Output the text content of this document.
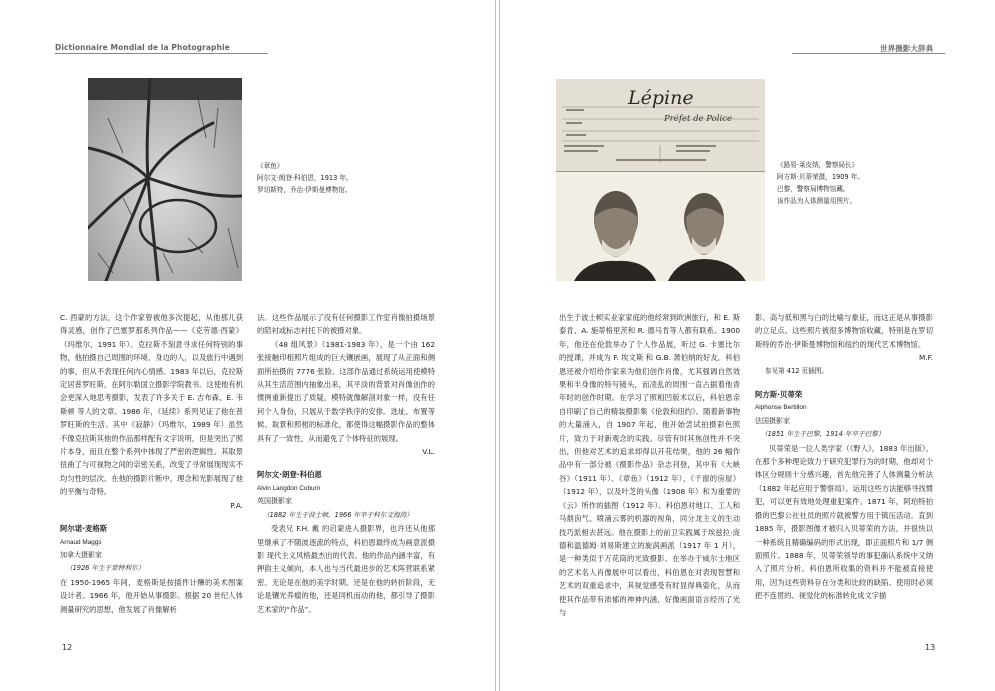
Dictionnaire Mondial de la Photographie
《章鱼》
阿尔文·朗登·科伯恩，1913 年。
罗切斯特，乔治·伊斯曼博物馆。

C. 西蒙的方法，这个作家曾被他多次提起，从他那儿获得灵感，创作了巴塞罗那系列作品——《克劳德·西蒙》（玛维尔，1991 年）。克拉斯不刻意寻求任何特别的事物，他拍摄自己周围的环境、身边的人，以及旅行中遇到的事，但从不表现任何内心情感。1983 年以后，克拉斯定居普罗旺斯，在阿尔勒国立摄影学院教书。这使他有机会更深入地思考摄影，发表了许多关于 E. 吉布森、E. 韦斯顿 等人的文章。1986 年，《延续》系列见证了他在普罗旺斯的生活。其中《寂静》（玛维尔，1989 年）虽然不像克拉斯其他的作品那样配有文字说明，但是突出了照片本身，而且在整个系列中体现了严密的逻辑性。其取景扭曲了与可视物之间的亲密关系，改变了寻常展现现实不均匀性的层次。在他的摄影片断中，理念和光影展现了他的平衡与奇特。

P.A.
阿尔诺·麦格斯
Arnaud Maggs
加拿大摄影家
（1926 年生于蒙特利尔）

在 1950-1965 年间，麦格斯是按插件计酬的美术图案设计者。1966 年，他开始从事摄影。根据 20 世纪人体测量研究的思想，他发展了肖像解析

法。这些作品展示了没有任何摄影工作室肖像拍摄场景的陪衬或标志衬托下的被摄对象。

《48 组风景》（1981-1983 年），是一个由 162 张接触印相照片组成的巨大镶嵌画，展现了从正面和侧面所拍摄的 7776 张脸。这部作品通过系统运用使模特从其生活范围内抽象出来，其平淡的背景对肖像创作的惯例重新提出了质疑，模特就像解剖对象一样，没有任何个人身份，只展从于数学秩序的安排。选址、布置等候、取景和照相的标准化，都使得这幅摄影作品的整体具有了一致性，从而避免了个体特征的展现。

V.L.
阿尔文·朗登·科伯恩
Alvin Langdon Coburn
英国摄影家
（1882 年生于波士顿，1966 年卒于科尔文海湾）

受表兄 F.H. 戴 的启蒙进入摄影界，也许还从他那里继承了不随波逐流的特点，科伯恩最终成为画意派摄影 现代主义风格最杰出的代表。他的作品内涵丰富，有押韵主义倾向，本人也与当代最进步的艺术阵营联系紧密。无论是在他的美学时期，还是在他的转折阶段，无论是镶光养瘤的他，还是同机而动的他，都引导了摄影艺术家的“作品”。

12
世界摄影大辞典
Lépine
Préfet de Police
《路易·莱皮纳，警察局长》
阿方斯·贝蒂荣摄，1909 年。
巴黎，警察局博物馆藏。
该作品为人体测量用图片。

出生于波士顿实业家家庭的他经常到欧洲旅行，和 E. 斯泰肯、A. 施蒂格里茨和 R. 德马肯等人都有联系。1900 年，他还在伦敦举办了个人作品展，听过 G. 卡塞比尔 的授课，并成为 F. 埃文斯 和 G.B. 萧伯纳的好友。科伯恩还被介绍给作家来为他们创作肖像，尤其强调自然效果和半身像的特写镜头，而凌乱的周围一直占据着他青年时的创作时期。在学习了照相凹版术以后，科伯恩亲自印刷了自己的精装摄影集《伦敦和纽约》。随着新事物的大量涌入，自 1907 年起，他开始尝试拍摄彩色照片，致力于对新观念的实践。尽管有时其焦创性并不突出，但他对艺术的追求却得以开花结果，他的 26 幅作品中有一部分被《摄影作品》杂志刊登，其中有《大峡谷》（1911 年）、《章鱼》（1912 年）、《千窗的房屋》（1912 年），以及叶芝的头像（1908 年）和为重要的《云》所作的插图（1912 年）。科伯恩对地口、工人和马烟囱气、喷涌云雾的机器的视角，同分龙主义的生动技巧派相去甚远。他在摄影上的前卫实践属于埃兹拉·庞德和温德姆·刘易斯建立的旋涡画派（1917 年 1 月），是一种类似于万花筒的光致摄影。在举办于威尔士地区的艺术名人肖像展中可以看出，科伯恩在对表现智慧和艺术的双重追求中，其视觉感受有时显得典姿化，从而使其作品带有浓郁的神神内涵，好像画面语言经历了光与

影、高与低和黑与白的比喻与象征，而这正是从事摄影的立足点。这些照片被很多博物馆收藏，特别是在罗切斯特的乔治·伊斯曼博物馆和纽约的现代艺术博物馆。

M.F.
参见第 412 页插图。
阿方斯·贝蒂荣
Alphonse Bertillon
法国摄影家
（1851 年生于巴黎，1914 年卒于巴黎）

贝蒂荣是一位人类学家（《野人》，1883 年出版）。在那个多种理论致力于研究犯罪行为的时期，他却对个体区分规则十分感兴趣，首先他完善了人体测量分析法（1882 年起应用于警察局）。运用这些方法能够寻找惯犯，可以更有效地处理重犯案件。1871 年，阿珀特拍摄的巴黎公社社员的照片就被警方用于镇压活动。直到 1885 年，摄影图像才被归入贝蒂荣的方法，并很快以一种系统且精确编码的形式出现，即正面照片和 1/7 侧面照片。1888 年，贝蒂荣领导的事犯确认系统中又纳入了照片分析。科伯恩所收集的资料并不能被直接使用，因为这些资料存在分类和比较的缺陷。使用时必须把不连贯的、视觉化的标准转化成文字描

13
